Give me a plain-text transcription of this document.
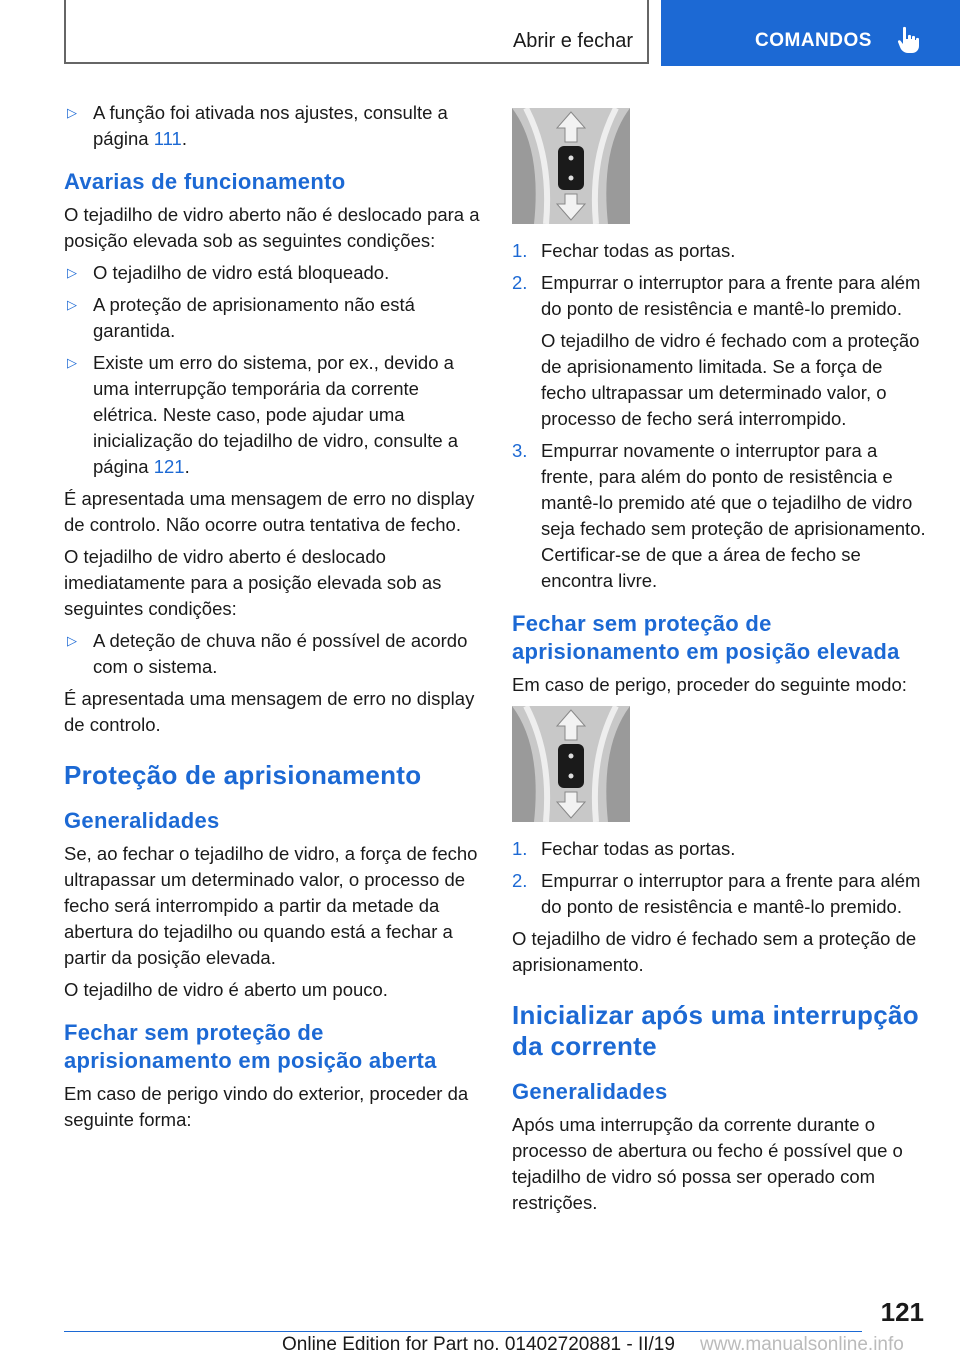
Abrir e fechar	COMANDOS
▷ A função foi ativada nos ajustes, consulte a página 111.
Avarias de funcionamento

O tejadilho de vidro aberto não é deslocado para a posição elevada sob as seguintes condições:

▷ O tejadilho de vidro está bloqueado.
▷ A proteção de aprisionamento não está garantida.
▷ Existe um erro do sistema, por ex., devido a uma interrupção temporária da corrente elétrica. Neste caso, pode ajudar uma inicialização do tejadilho de vidro, consulte a página 121.

É apresentada uma mensagem de erro no display de controlo. Não ocorre outra tentativa de fecho.

O tejadilho de vidro aberto é deslocado imediatamente para a posição elevada sob as seguintes condições:

▷ A deteção de chuva não é possível de acordo com o sistema.

É apresentada uma mensagem de erro no display de controlo.

Proteção de aprisionamento
Generalidades

Se, ao fechar o tejadilho de vidro, a força de fecho ultrapassar um determinado valor, o processo de fecho será interrompido a partir da metade da abertura do tejadilho ou quando está a fechar a partir da posição elevada.

O tejadilho de vidro é aberto um pouco.

Fechar sem proteção de aprisionamento em posição aberta

Em caso de perigo vindo do exterior, proceder da seguinte forma:

1. Fechar todas as portas.
2. Empurrar o interruptor para a frente para além do ponto de resistência e mantê-lo premido.

O tejadilho de vidro é fechado com a proteção de aprisionamento limitada. Se a força de fecho ultrapassar um determinado valor, o processo de fecho será interrompido.

3. Empurrar novamente o interruptor para a frente, para além do ponto de resistência e mantê-lo premido até que o tejadilho de vidro seja fechado sem proteção de aprisionamento. Certificar-se de que a área de fecho se encontra livre.
Fechar sem proteção de aprisionamento em posição elevada

Em caso de perigo, proceder do seguinte modo:

1. Fechar todas as portas.
2. Empurrar o interruptor para a frente para além do ponto de resistência e mantê-lo premido.

O tejadilho de vidro é fechado sem a proteção de aprisionamento.

Inicializar após uma interrupção da corrente
Generalidades

Após uma interrupção da corrente durante o processo de abertura ou fecho é possível que o tejadilho de vidro só possa ser operado com restrições.

121
Online Edition for Part no. 01402720881 - II/19 www.manualsonline.info
